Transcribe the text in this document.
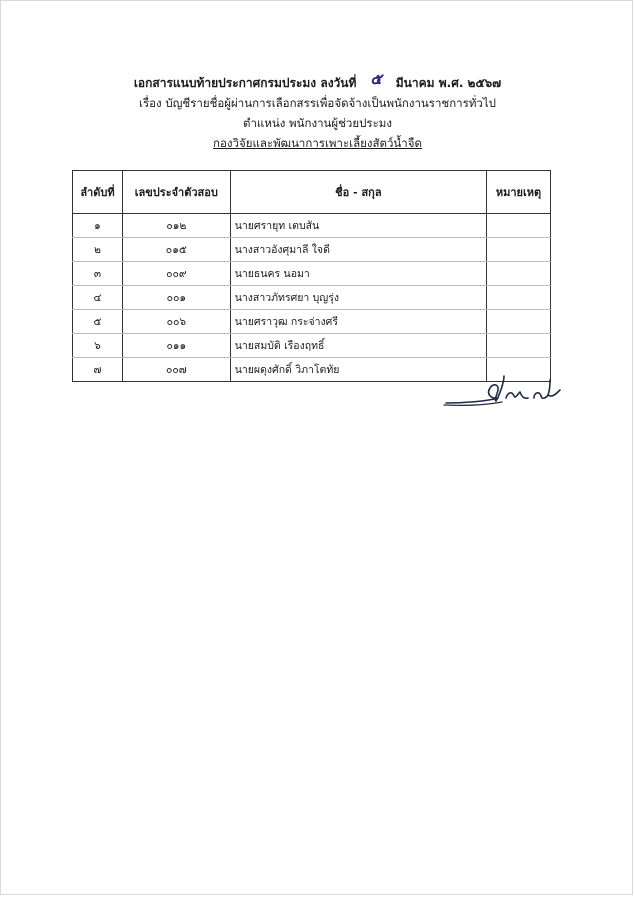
เอกสารแนบท้ายประกาศกรมประมง ลงวันที่ ๕ มีนาคม พ.ศ. ๒๕๖๗
เรื่อง บัญชีรายชื่อผู้ผ่านการเลือกสรรเพื่อจัดจ้างเป็นพนักงานราชการทั่วไป
ตำแหน่ง พนักงานผู้ช่วยประมง
กองวิจัยและพัฒนาการเพาะเลี้ยงสัตว์น้ำจืด
ลำดับที่	เลขประจำตัวสอบ	ชื่อ - สกุล	หมายเหตุ
๑	๐๑๒	นายศรายุท เตบสัน	
๒	๐๑๕	นางสาวอังศุมาลี ใจดี	
๓	๐๐๙	นายธนคร นอมา	
๔	๐๐๑	นางสาวภัทรศยา บุญรุ่ง	
๕	๐๐๖	นายศราวุฒ กระจ่างศรี	
๖	๐๑๑	นายสมบัติ เรืองฤทธิ์	
๗	๐๐๗	นายผดุงศักดิ์ วิภาโตทัย	
